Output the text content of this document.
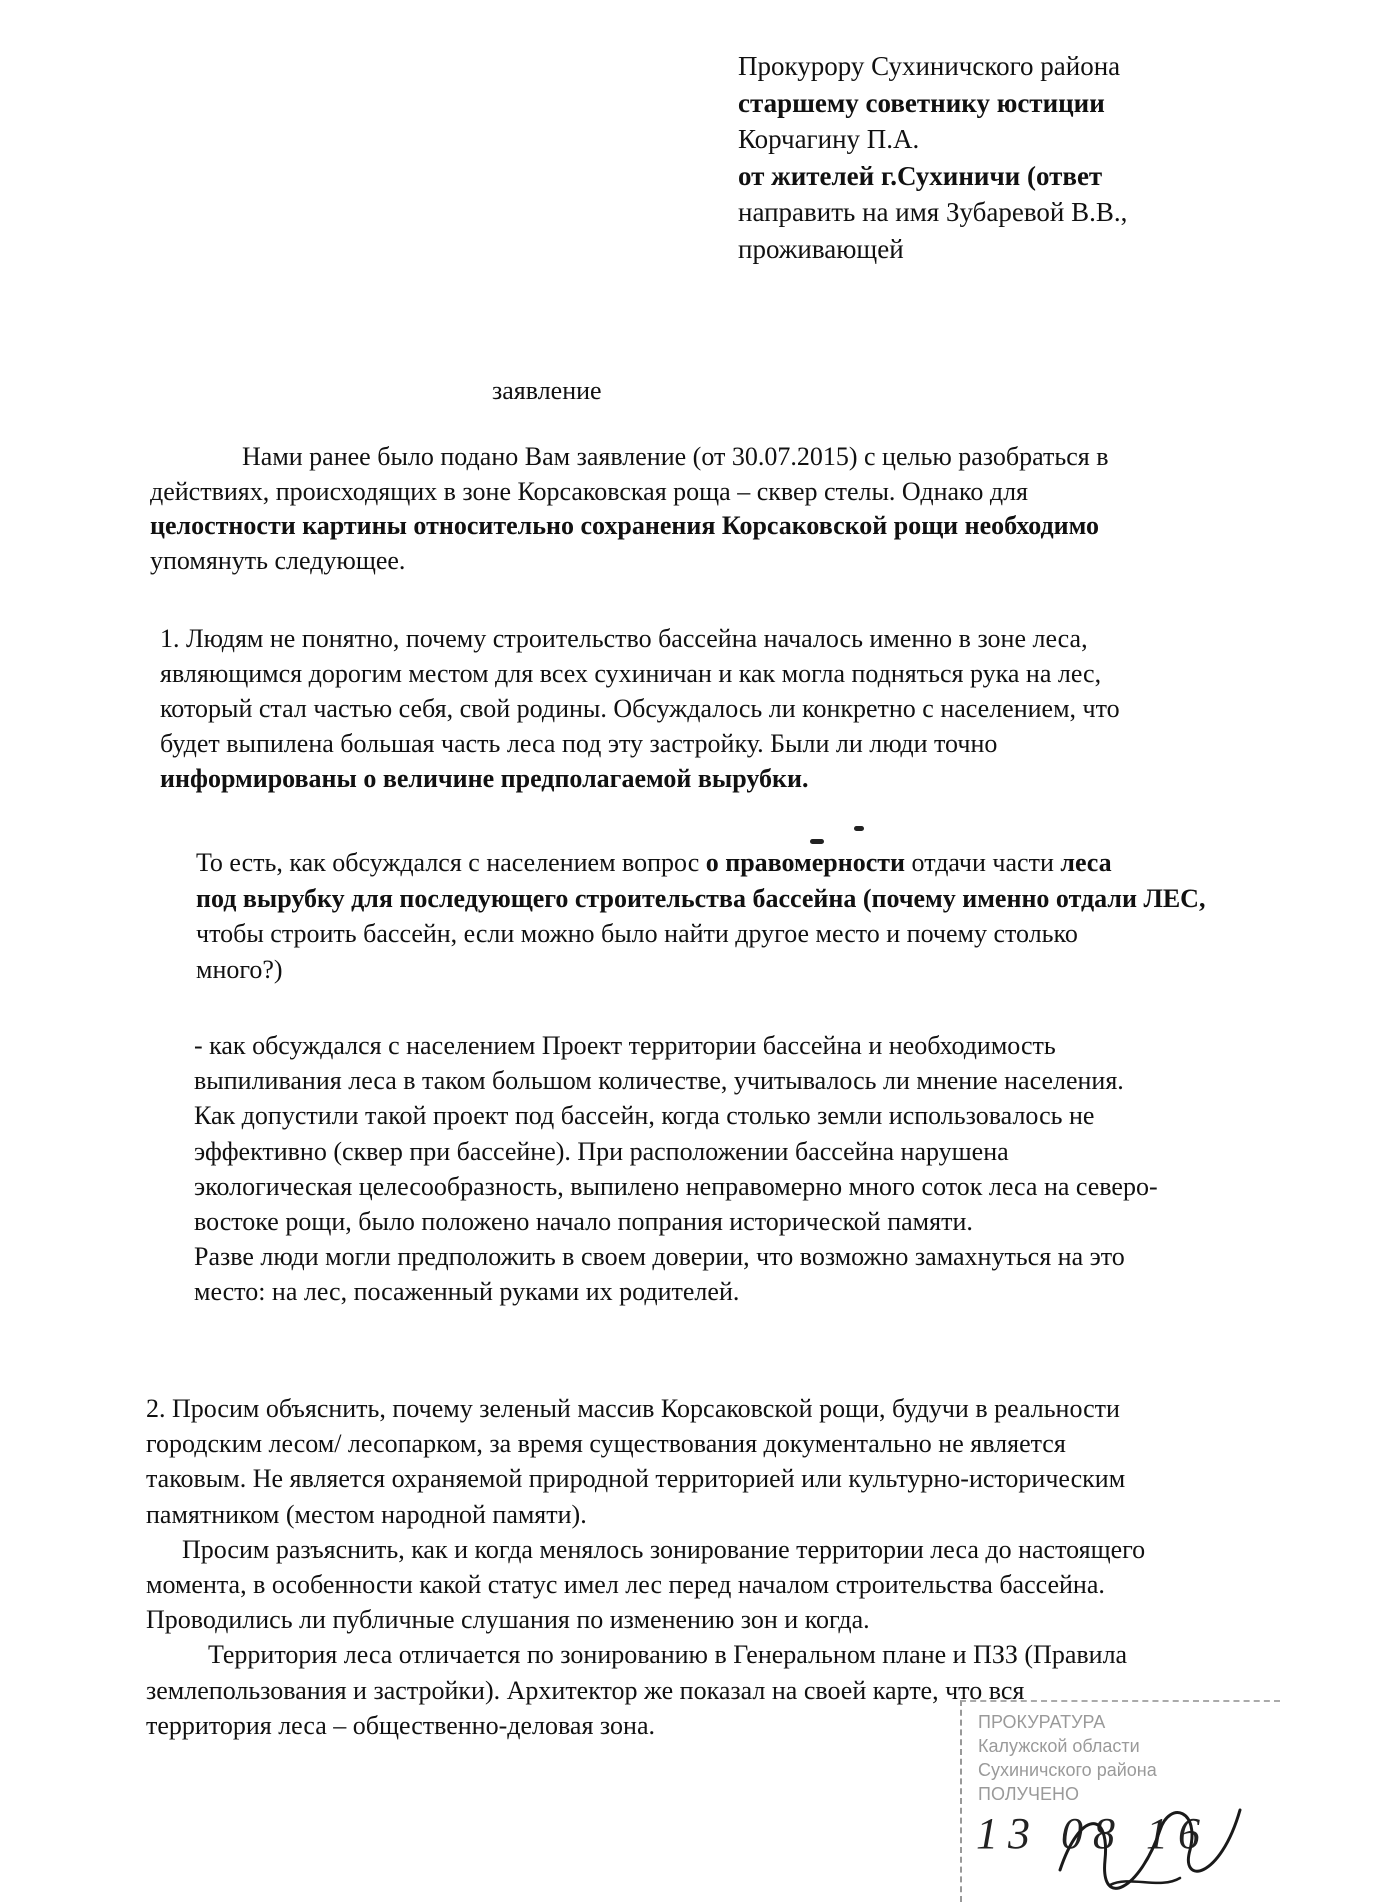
Прокурору Сухиничского района
старшему советнику юстиции
Корчагину П.А.
от жителей г.Сухиничи (ответ
направить на имя Зубаревой В.В.,
проживающей
заявление
Нами ранее было подано Вам заявление (от 30.07.2015) с целью разобраться в
действиях, происходящих в зоне Корсаковская роща – сквер стелы. Однако для
целостности картины относительно сохранения Корсаковской рощи необходимо
упомянуть следующее.
1. Людям не понятно, почему строительство бассейна началось именно в зоне леса,
являющимся дорогим местом для всех сухиничан и как могла подняться рука на лес,
который стал частью себя, свой родины. Обсуждалось ли конкретно с населением, что
будет выпилена большая часть леса под эту застройку. Были ли люди точно
информированы о величине предполагаемой вырубки.
То есть, как обсуждался с населением вопрос о правомерности отдачи части леса
под вырубку для последующего строительства бассейна (почему именно отдали ЛЕС,
чтобы строить бассейн, если можно было найти другое место и почему столько
много?)
- как обсуждался с населением Проект территории бассейна и необходимость
выпиливания леса в таком большом количестве, учитывалось ли мнение населения.
Как допустили такой проект под бассейн, когда столько земли использовалось не
эффективно (сквер при бассейне). При расположении бассейна нарушена
экологическая целесообразность, выпилено неправомерно много соток леса на северо-
востоке рощи, было положено начало попрания исторической памяти.
Разве люди могли предположить в своем доверии, что возможно замахнуться на это
место: на лес, посаженный руками их родителей.
2. Просим объяснить, почему зеленый массив Корсаковской рощи, будучи в реальности
городским лесом/ лесопарком, за время существования документально не является
таковым. Не является охраняемой природной территорией или культурно-историческим
памятником (местом народной памяти).
Просим разъяснить, как и когда менялось зонирование территории леса до настоящего
момента, в особенности какой статус имел лес перед началом строительства бассейна.
Проводились ли публичные слушания по изменению зон и когда.
Территория леса отличается по зонированию в Генеральном плане и ПЗЗ (Правила
землепользования и застройки). Архитектор же показал на своей карте, что вся
территория леса – общественно-деловая зона.	ПРОКУРАТУРА
Калужской области
Сухиничского района
ПОЛУЧЕНО
13 08 16
